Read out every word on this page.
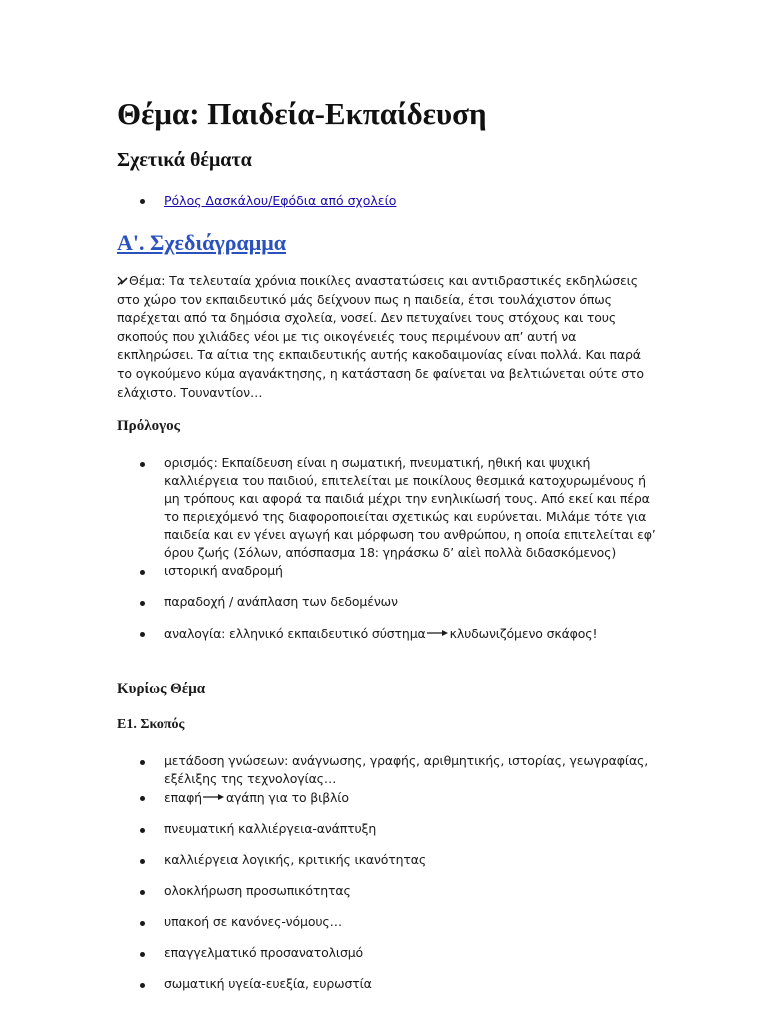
Θέμα: Παιδεία-Εκπαίδευση
Σχετικά θέματα
Ρόλος Δασκάλου/Εφόδια από σχολείο
Α'. Σχεδιάγραμμα

Θέμα: Τα τελευταία χρόνια ποικίλες αναστατώσεις και αντιδραστικές εκδηλώσεις στο χώρο τον εκπαιδευτικό μάς δείχνουν πως η παιδεία, έτσι τουλάχιστον όπως παρέχεται από τα δημόσια σχολεία, νοσεί. Δεν πετυχαίνει τους στόχους και τους σκοπούς που χιλιάδες νέοι με τις οικογένειές τους περιμένουν απ’ αυτή να εκπληρώσει. Τα αίτια της εκπαιδευτικής αυτής κακοδαιμονίας είναι πολλά. Και παρά το ογκούμενο κύμα αγανάκτησης, η κατάσταση δε φαίνεται να βελτιώνεται ούτε στο ελάχιστο. Τουναντίον…

Πρόλογος
ορισμός: Εκπαίδευση είναι η σωματική, πνευματική, ηθική και ψυχική καλλιέργεια του παιδιού, επιτελείται με ποικίλους θεσμικά κατοχυρωμένους ή μη τρόπους και αφορά τα παιδιά μέχρι την ενηλικίωσή τους. Από εκεί και πέρα το περιεχόμενό της διαφοροποιείται σχετικώς και ευρύνεται. Μιλάμε τότε για παιδεία και εν γένει αγωγή και μόρφωση του ανθρώπου, η οποία επιτελείται εφ’ όρου ζωής (Σόλων, απόσπασμα 18: γηράσκω δ’ αἰεὶ πολλὰ διδασκόμενος)
ιστορική αναδρομή
παραδοχή / ανάπλαση των δεδομένων
αναλογία: ελληνικό εκπαιδευτικό σύστημα κλυδωνιζόμενο σκάφος!
Κυρίως Θέμα
Ε1. Σκοπός
μετάδοση γνώσεων: ανάγνωσης, γραφής, αριθμητικής, ιστορίας, γεωγραφίας, εξέλιξης της τεχνολογίας…
επαφή αγάπη για το βιβλίο
πνευματική καλλιέργεια-ανάπτυξη
καλλιέργεια λογικής, κριτικής ικανότητας
ολοκλήρωση προσωπικότητας
υπακοή σε κανόνες-νόμους…
επαγγελματικό προσανατολισμό
σωματική υγεία-ευεξία, ευρωστία
